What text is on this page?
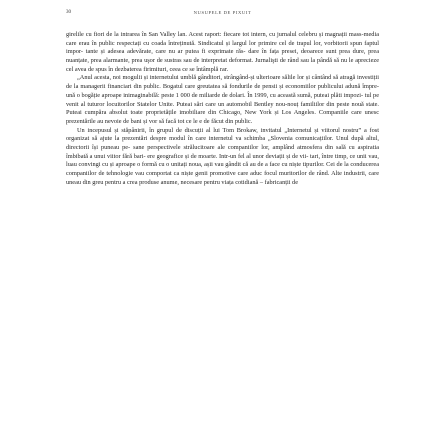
30	NUSUPELE DE PIXUIT

girelile cu fiori de la intrarea în San Valley lan. Acest raport: fiecare tot intern, cu jurnalul celebru și magnații mass-media care erau în public respectați cu coada întreținută. Sindicatul și largul lor primire cel de trapul lor, vorbitorii spun faptul impor- tante și adesea adevărate, care nu ar putea fi exprimate răs- dare în fața presei, deoarece sunt prea dure, prea nuanțate, prea alarmante, prea uşor de sustras sau de interpretat deformat. Jurnalişti de rând sau la pândă să nu le aprecieze cel avea de spus în dezbaterea firimituri, ceea ce se întâmplă rar.

„Anul acesta, noi mogulii și internetului umblă gânditori, strângând-și ulterioare sălile lor și cântând să atragă investiții de la managerii financiari din public. Bogatul care greutatea să fondurile de pensii și economiilor publicului adună împre- ună o bogăție aproape inimaginabilă: peste 1 000 de miliarde de dolari. În 1999, cu această sumă, puteai plăti impozi- tul pe venit al tuturor locuitorilor Statelor Unite. Puteai sări care un automobil Bentley nou-nouț familiilor din peste nouă state. Puteai cumpăra absolut toate proprietățile imobiliare din Chicago, New York și Los Angeles. Companiile care unesc prezentările au nevoie de bani și vor să facă tot ce le e de făcut din public.

Un incepusul și stăpânirii, în grupul de discuții al lui Tom Brokaw, invitatul „Internetul și viitorul nostru” a fost organizat să ajute la prezentări despre modul în care internetul va schimba „Slovenia comunicațiilor. Unul după altul, directorii își puneau pe- sane perspectivele strălucitoare ale companiilor lor, amplând atmosfera din sală cu aspiratia îmbibată a unui viitor fără bari- ere geografice și de moarte. Intr-un fel al unor deviații și de vii- tari, între timp, ce unii vau, luau convingi cu și aproape o formă cu o unitați noua, așii vau gândit că au de a face cu niște tipurilor. Cei de la conducerea companiilor de tehnologie vau comportat ca niște genii promotive care aduc focul muritorilor de rând. Alte industrii, care uneau din greu pentru a crea produse anume, necesare pentru viața cotidiană – fabricanții de
